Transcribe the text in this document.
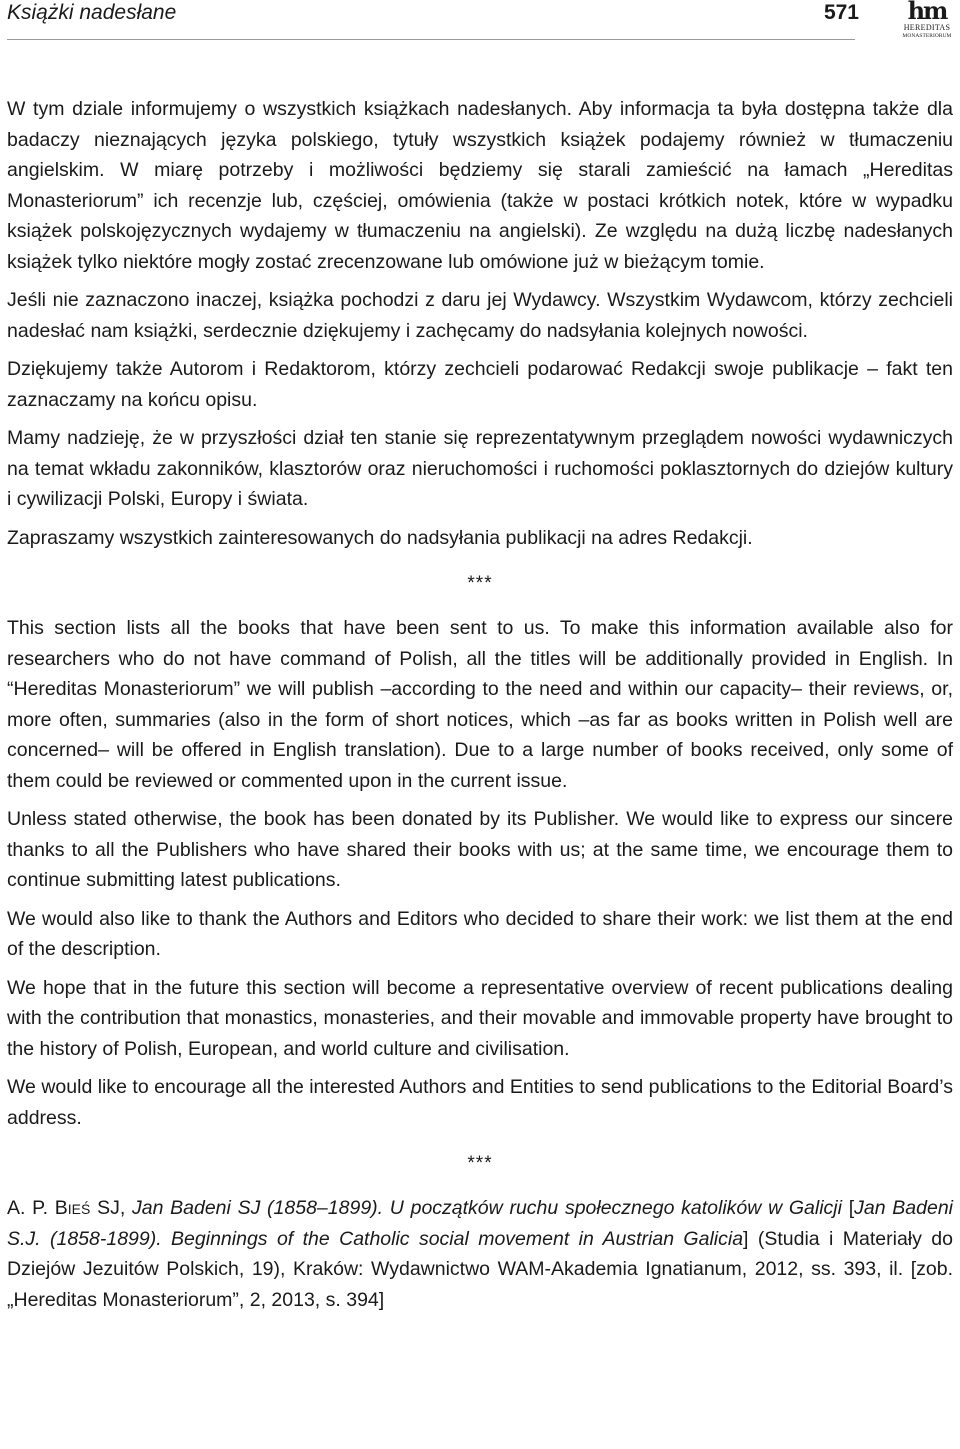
Książki nadesłane	571	hm
HEREDITAS
MONASTERIORUM

W tym dziale informujemy o wszystkich książkach nadesłanych. Aby informacja ta była dostępna także dla badaczy nieznających języka polskiego, tytuły wszystkich książek podajemy również w tłumaczeniu angielskim. W miarę potrzeby i możliwości będziemy się starali zamieścić na łamach „Hereditas Monasteriorum” ich recenzje lub, częściej, omówienia (także w postaci krótkich notek, które w wypadku książek polskojęzycznych wydajemy w tłumaczeniu na angielski). Ze względu na dużą liczbę nadesłanych książek tylko niektóre mogły zostać zrecenzowane lub omówione już w bieżącym tomie.

Jeśli nie zaznaczono inaczej, książka pochodzi z daru jej Wydawcy. Wszystkim Wydawcom, którzy zechcieli nadesłać nam książki, serdecznie dziękujemy i zachęcamy do nadsyłania kolejnych nowości.

Dziękujemy także Autorom i Redaktorom, którzy zechcieli podarować Redakcji swoje publikacje – fakt ten zaznaczamy na końcu opisu.

Mamy nadzieję, że w przyszłości dział ten stanie się reprezentatywnym przeglądem nowości wydawniczych na temat wkładu zakonników, klasztorów oraz nieruchomości i ruchomości poklasztornych do dziejów kultury i cywilizacji Polski, Europy i świata.

Zapraszamy wszystkich zainteresowanych do nadsyłania publikacji na adres Redakcji.

***

This section lists all the books that have been sent to us. To make this information available also for researchers who do not have command of Polish, all the titles will be additionally provided in English. In “Hereditas Monasteriorum” we will publish –according to the need and within our capacity– their reviews, or, more often, summaries (also in the form of short notices, which –as far as books written in Polish well are concerned– will be offered in English translation). Due to a large number of books received, only some of them could be reviewed or commented upon in the current issue.

Unless stated otherwise, the book has been donated by its Publisher. We would like to express our sincere thanks to all the Publishers who have shared their books with us; at the same time, we encourage them to continue submitting latest publications.

We would also like to thank the Authors and Editors who decided to share their work: we list them at the end of the description.

We hope that in the future this section will become a representative overview of recent publications dealing with the contribution that monastics, monasteries, and their movable and immovable property have brought to the history of Polish, European, and world culture and civilisation.

We would like to encourage all the interested Authors and Entities to send publications to the Editorial Board’s address.

***

A. P. Bieś SJ, Jan Badeni SJ (1858–1899). U początków ruchu społecznego katolików w Galicji [Jan Badeni S.J. (1858-1899). Beginnings of the Catholic social movement in Austrian Galicia] (Studia i Materiały do Dziejów Jezuitów Polskich, 19), Kraków: Wydawnictwo WAM-Akademia Ignatianum, 2012, ss. 393, il. [zob. „Hereditas Monasteriorum”, 2, 2013, s. 394]
